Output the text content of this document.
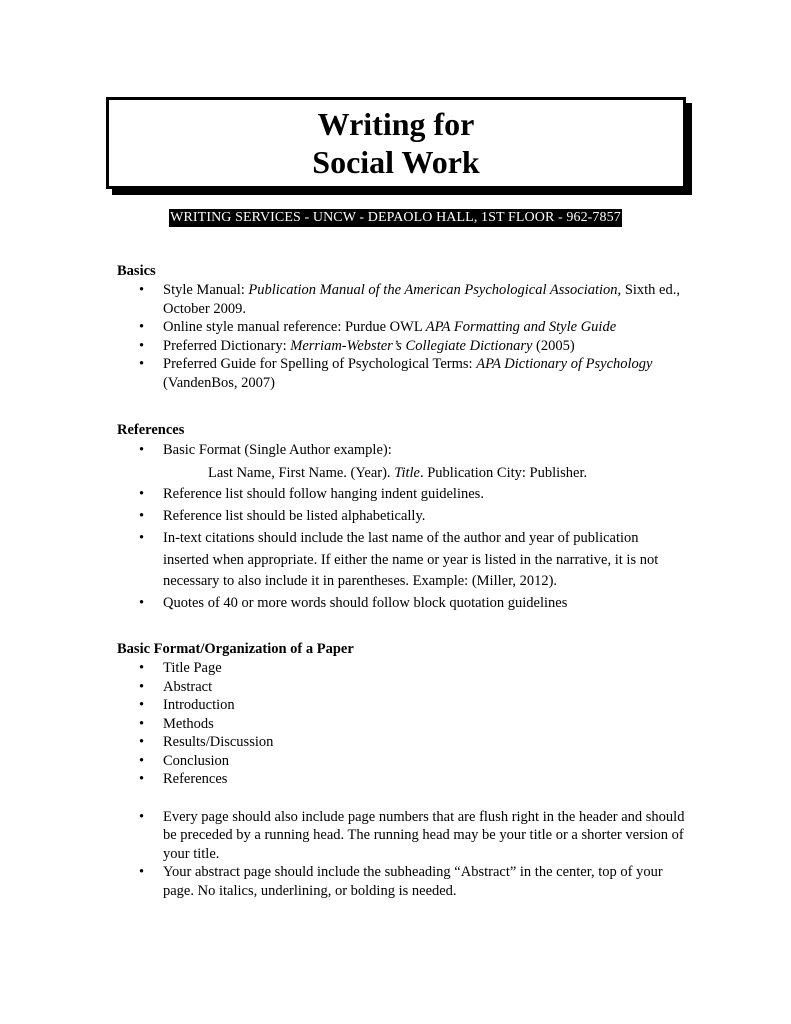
Writing for
Social Work
WRITING SERVICES - UNCW - DEPAOLO HALL, 1ST FLOOR - 962-7857
Basics
• Style Manual: Publication Manual of the American Psychological Association, Sixth ed., October 2009.
• Online style manual reference: Purdue OWL APA Formatting and Style Guide
• Preferred Dictionary: Merriam-Webster’s Collegiate Dictionary (2005)
• Preferred Guide for Spelling of Psychological Terms: APA Dictionary of Psychology (VandenBos, 2007)
References
• Basic Format (Single Author example):
Last Name, First Name. (Year). Title. Publication City: Publisher.
• Reference list should follow hanging indent guidelines.
• Reference list should be listed alphabetically.
• In-text citations should include the last name of the author and year of publication inserted when appropriate. If either the name or year is listed in the narrative, it is not necessary to also include it in parentheses. Example: (Miller, 2012).
• Quotes of 40 or more words should follow block quotation guidelines
Basic Format/Organization of a Paper
• Title Page
• Abstract
• Introduction
• Methods
• Results/Discussion
• Conclusion
• References
• Every page should also include page numbers that are flush right in the header and should be preceded by a running head. The running head may be your title or a shorter version of your title.
• Your abstract page should include the subheading “Abstract” in the center, top of your page. No italics, underlining, or bolding is needed.
